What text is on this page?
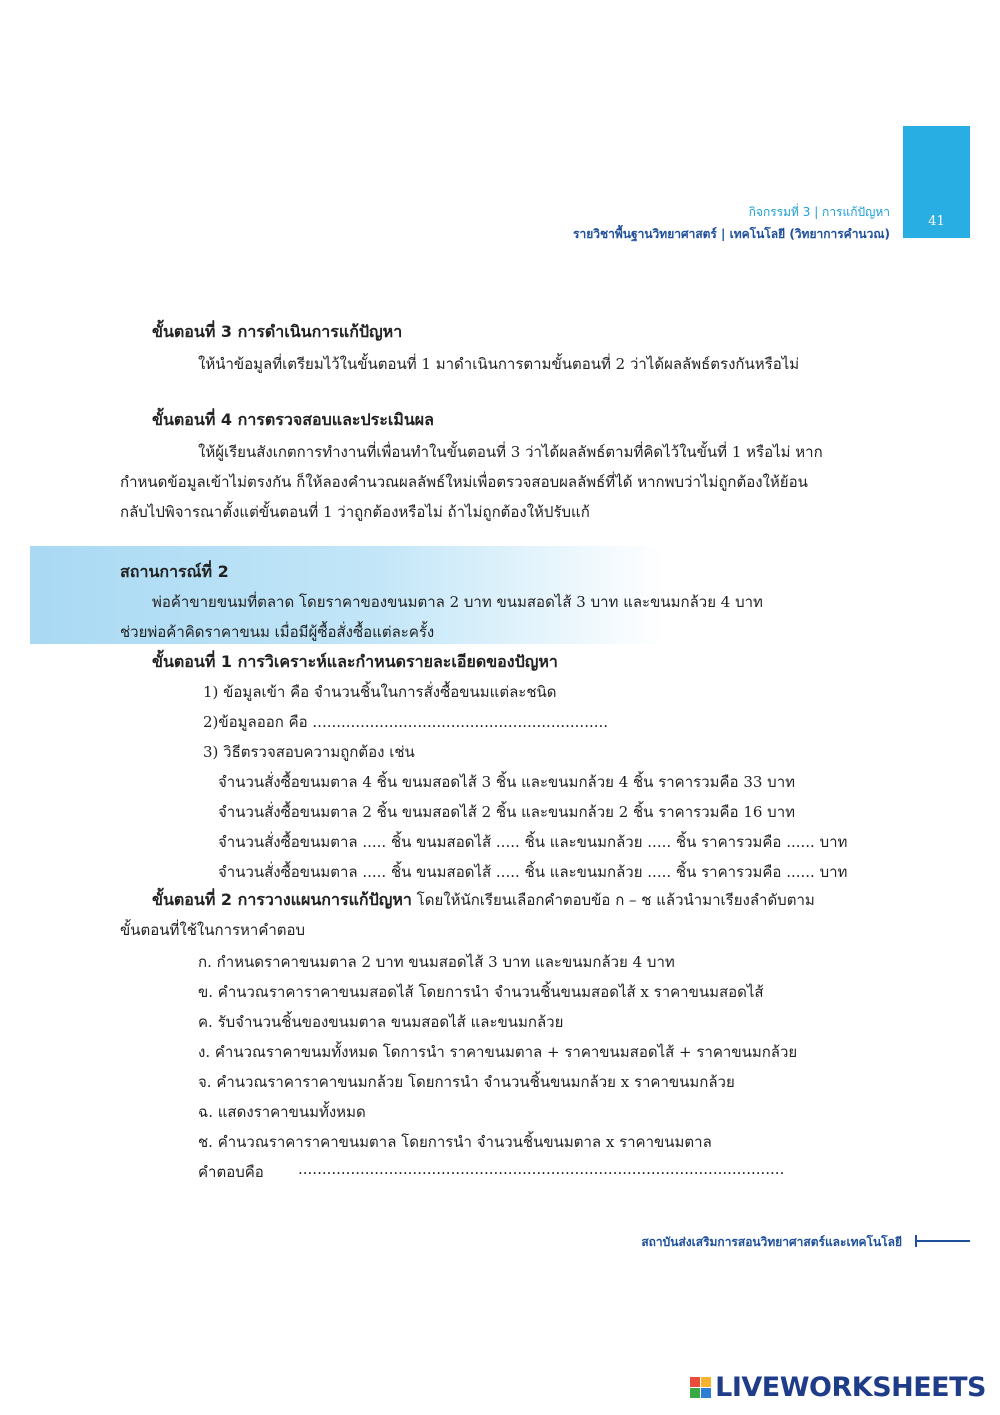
41
กิจกรรมที่ 3 | การแก้ปัญหา
รายวิชาพื้นฐานวิทยาศาสตร์ | เทคโนโลยี (วิทยาการคำนวณ)
ขั้นตอนที่ 3 การดำเนินการแก้ปัญหา
ให้นำข้อมูลที่เตรียมไว้ในขั้นตอนที่ 1 มาดำเนินการตามขั้นตอนที่ 2 ว่าได้ผลลัพธ์ตรงกันหรือไม่
ขั้นตอนที่ 4 การตรวจสอบและประเมินผล
ให้ผู้เรียนสังเกตการทำงานที่เพื่อนทำในขั้นตอนที่ 3 ว่าได้ผลลัพธ์ตามที่คิดไว้ในขั้นที่ 1 หรือไม่ หาก
กำหนดข้อมูลเข้าไม่ตรงกัน ก็ให้ลองคำนวณผลลัพธ์ใหม่เพื่อตรวจสอบผลลัพธ์ที่ได้ หากพบว่าไม่ถูกต้องให้ย้อน
กลับไปพิจารณาตั้งแต่ขั้นตอนที่ 1 ว่าถูกต้องหรือไม่ ถ้าไม่ถูกต้องให้ปรับแก้
สถานการณ์ที่ 2
พ่อค้าขายขนมที่ตลาด โดยราคาของขนมตาล 2 บาท ขนมสอดไส้ 3 บาท และขนมกล้วย 4 บาท
ช่วยพ่อค้าคิดราคาขนม เมื่อมีผู้ซื้อสั่งซื้อแต่ละครั้ง
ขั้นตอนที่ 1 การวิเคราะห์และกำหนดรายละเอียดของปัญหา
1) ข้อมูลเข้า คือ จำนวนชิ้นในการสั่งซื้อขนมแต่ละชนิด
2)ข้อมูลออก คือ ..............................................................
3) วิธีตรวจสอบความถูกต้อง เช่น
จำนวนสั่งซื้อขนมตาล 4 ชิ้น ขนมสอดไส้ 3 ชิ้น และขนมกล้วย 4 ชิ้น ราคารวมคือ 33 บาท
จำนวนสั่งซื้อขนมตาล 2 ชิ้น ขนมสอดไส้ 2 ชิ้น และขนมกล้วย 2 ชิ้น ราคารวมคือ 16 บาท
จำนวนสั่งซื้อขนมตาล ..... ชิ้น ขนมสอดไส้ ..... ชิ้น และขนมกล้วย ..... ชิ้น ราคารวมคือ ...... บาท
จำนวนสั่งซื้อขนมตาล ..... ชิ้น ขนมสอดไส้ ..... ชิ้น และขนมกล้วย ..... ชิ้น ราคารวมคือ ...... บาท
ขั้นตอนที่ 2 การวางแผนการแก้ปัญหา โดยให้นักเรียนเลือกคำตอบข้อ ก – ช แล้วนำมาเรียงลำดับตาม
ขั้นตอนที่ใช้ในการหาคำตอบ
ก. กำหนดราคาขนมตาล 2 บาท ขนมสอดไส้ 3 บาท และขนมกล้วย 4 บาท
ข. คำนวณราคาราคาขนมสอดไส้ โดยการนำ จำนวนชิ้นขนมสอดไส้ x ราคาขนมสอดไส้
ค. รับจำนวนชิ้นของขนมตาล ขนมสอดไส้ และขนมกล้วย
ง. คำนวณราคาขนมทั้งหมด โดการนำ ราคาขนมตาล + ราคาขนมสอดไส้ + ราคาขนมกล้วย
จ. คำนวณราคาราคาขนมกล้วย โดยการนำ จำนวนชิ้นขนมกล้วย x ราคาขนมกล้วย
ฉ. แสดงราคาขนมทั้งหมด
ช. คำนวณราคาราคาขนมตาล โดยการนำ จำนวนชิ้นขนมตาล x ราคาขนมตาล
คำตอบคือ ......................................................................................................
สถาบันส่งเสริมการสอนวิทยาศาสตร์และเทคโนโลยี
LIVEWORKSHEETS
